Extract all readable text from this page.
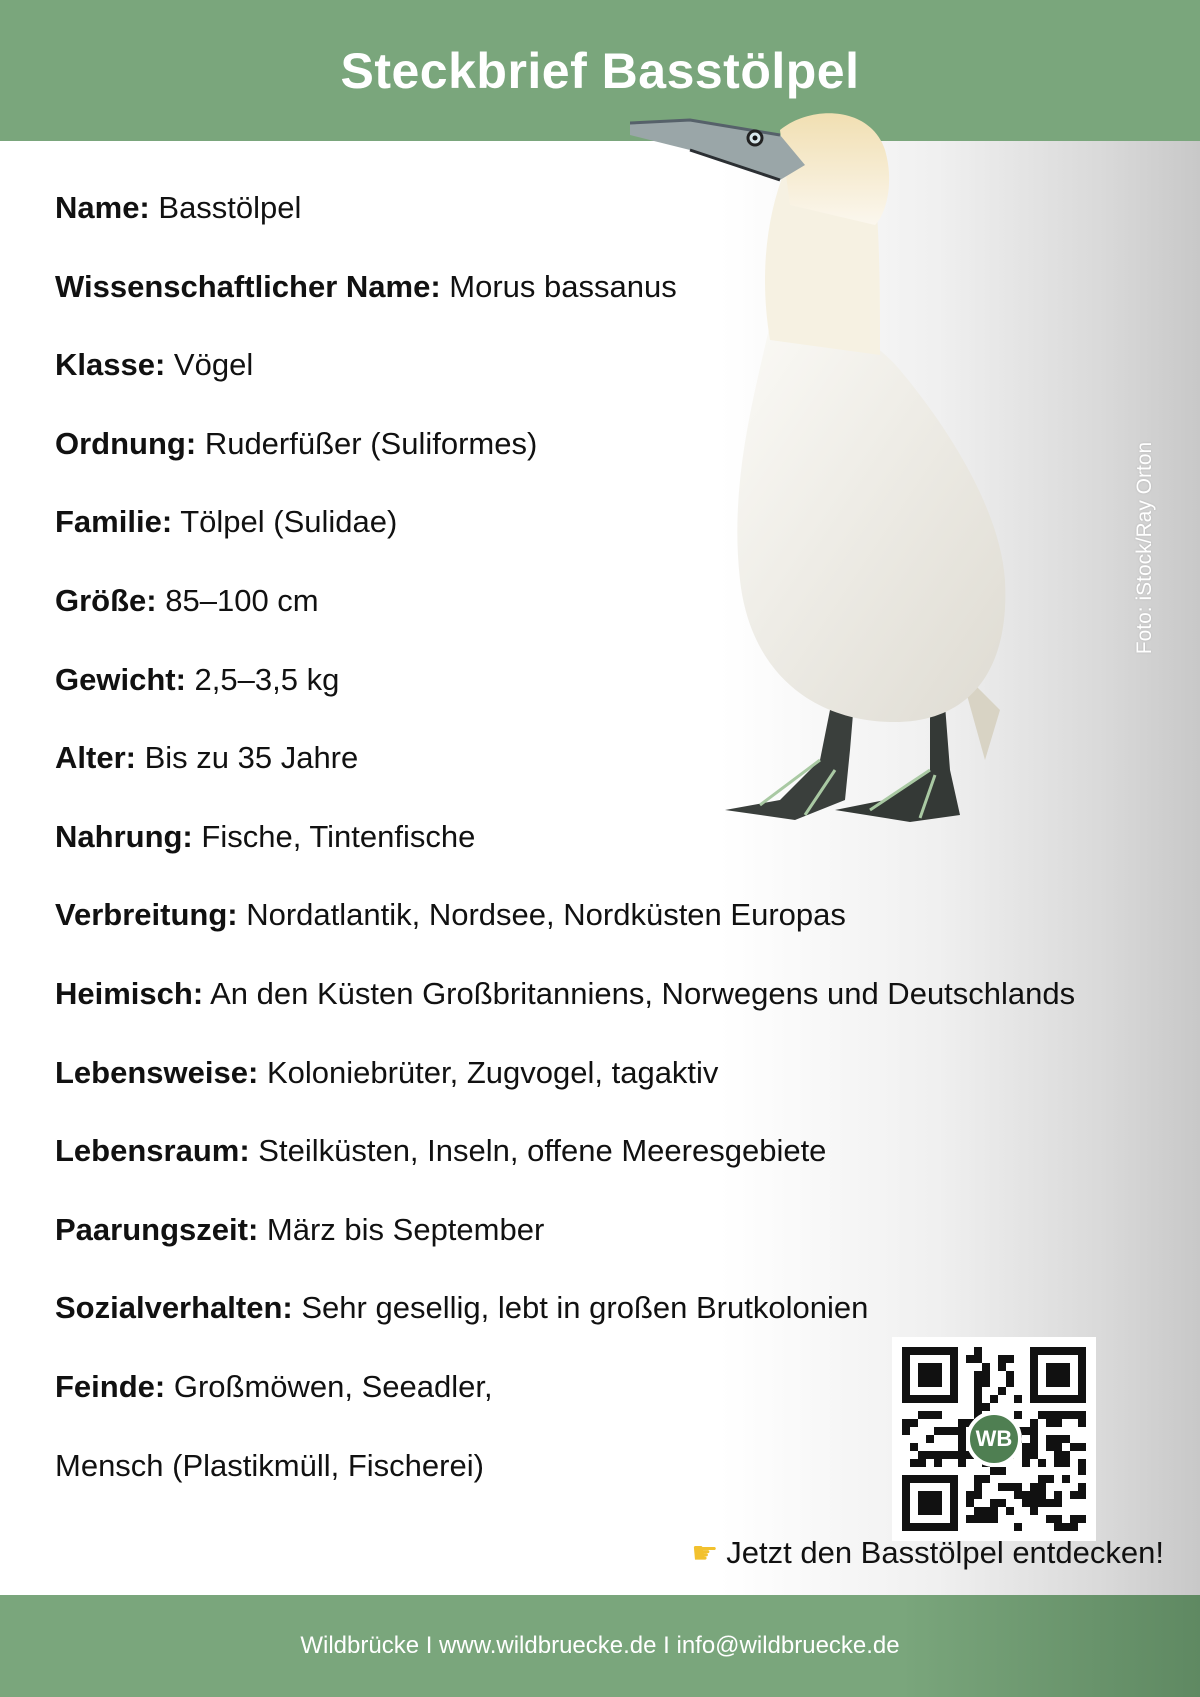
Steckbrief Basstölpel
Foto: iStock/Ray Orton
Name: Basstölpel
Wissenschaftlicher Name: Morus bassanus
Klasse: Vögel
Ordnung: Ruderfüßer (Suliformes)
Familie: Tölpel (Sulidae)
Größe: 85–100 cm
Gewicht: 2,5–3,5 kg
Alter: Bis zu 35 Jahre
Nahrung: Fische, Tintenfische
Verbreitung: Nordatlantik, Nordsee, Nordküsten Europas
Heimisch: An den Küsten Großbritanniens, Norwegens und Deutschlands
Lebensweise: Koloniebrüter, Zugvogel, tagaktiv
Lebensraum: Steilküsten, Inseln, offene Meeresgebiete
Paarungszeit: März bis September
Sozialverhalten: Sehr gesellig, lebt in großen Brutkolonien
Feinde: Großmöwen, Seeadler,
Mensch (Plastikmüll, Fischerei)
WB
☛ Jetzt den Basstölpel entdecken!
Wildbrücke I www.wildbruecke.de I info@wildbruecke.de
